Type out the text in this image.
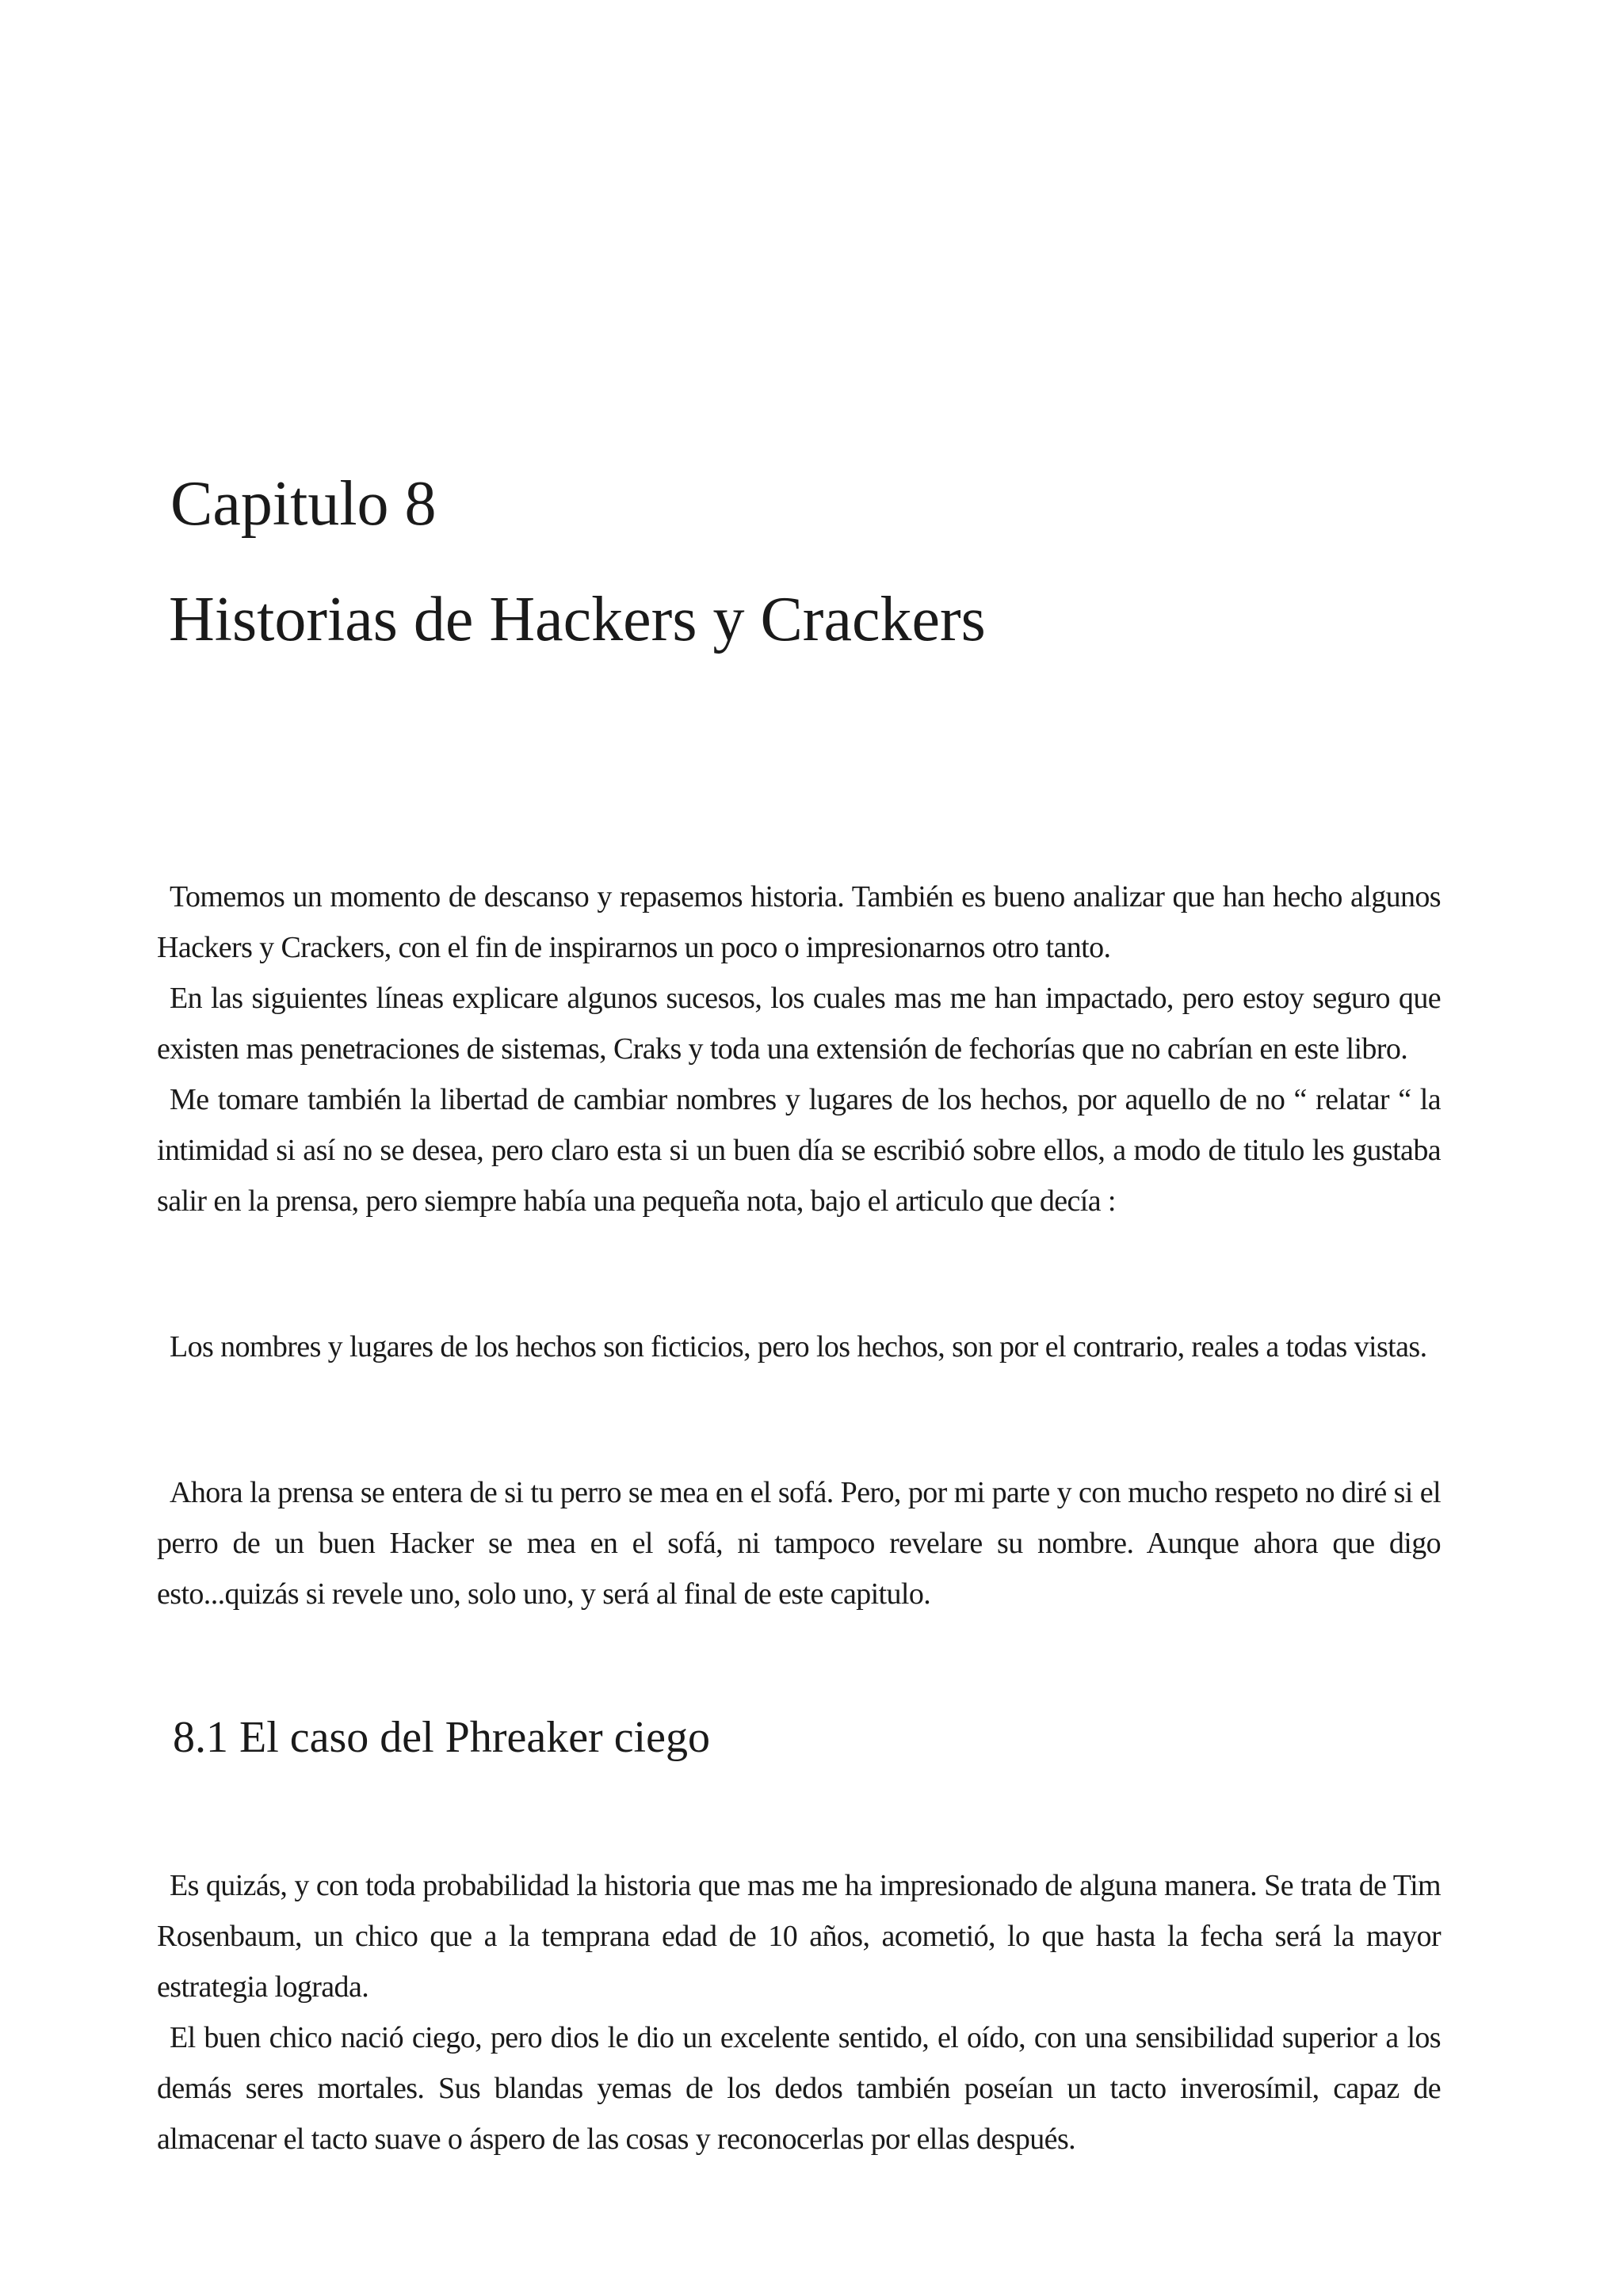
Capitulo 8
Historias de Hackers y Crackers

Tomemos un momento de descanso y repasemos historia. También es bueno analizar que han hecho algunos Hackers y Crackers, con el fin de inspirarnos un poco o impresionarnos otro tanto.

En las siguientes líneas explicare algunos sucesos, los cuales mas me han impactado, pero estoy seguro que existen mas penetraciones de sistemas, Craks y toda una extensión de fechorías que no cabrían en este libro.

Me tomare también la libertad de cambiar nombres y lugares de los hechos, por aquello de no “ relatar “ la intimidad si así no se desea, pero claro esta si un buen día se escribió sobre ellos, a modo de titulo les gustaba salir en la prensa, pero siempre había una pequeña nota, bajo el articulo que decía :

Los nombres y lugares de los hechos son ficticios, pero los hechos, son por el contrario, reales a todas vistas.

Ahora la prensa se entera de si tu perro se mea en el sofá. Pero, por mi parte y con mucho respeto no diré si el perro de un buen Hacker se mea en el sofá, ni tampoco revelare su nombre. Aunque ahora que digo esto...quizás si revele uno, solo uno, y será al final de este capitulo.

8.1 El caso del Phreaker ciego

Es quizás, y con toda probabilidad la historia que mas me ha impresionado de alguna manera. Se trata de Tim Rosenbaum, un chico que a la temprana edad de 10 años, acometió, lo que hasta la fecha será la mayor estrategia lograda.

El buen chico nació ciego, pero dios le dio un excelente sentido, el oído, con una sensibilidad superior a los demás seres mortales. Sus blandas yemas de los dedos también poseían un tacto inverosímil, capaz de almacenar el tacto suave o áspero de las cosas y reconocerlas por ellas después.
